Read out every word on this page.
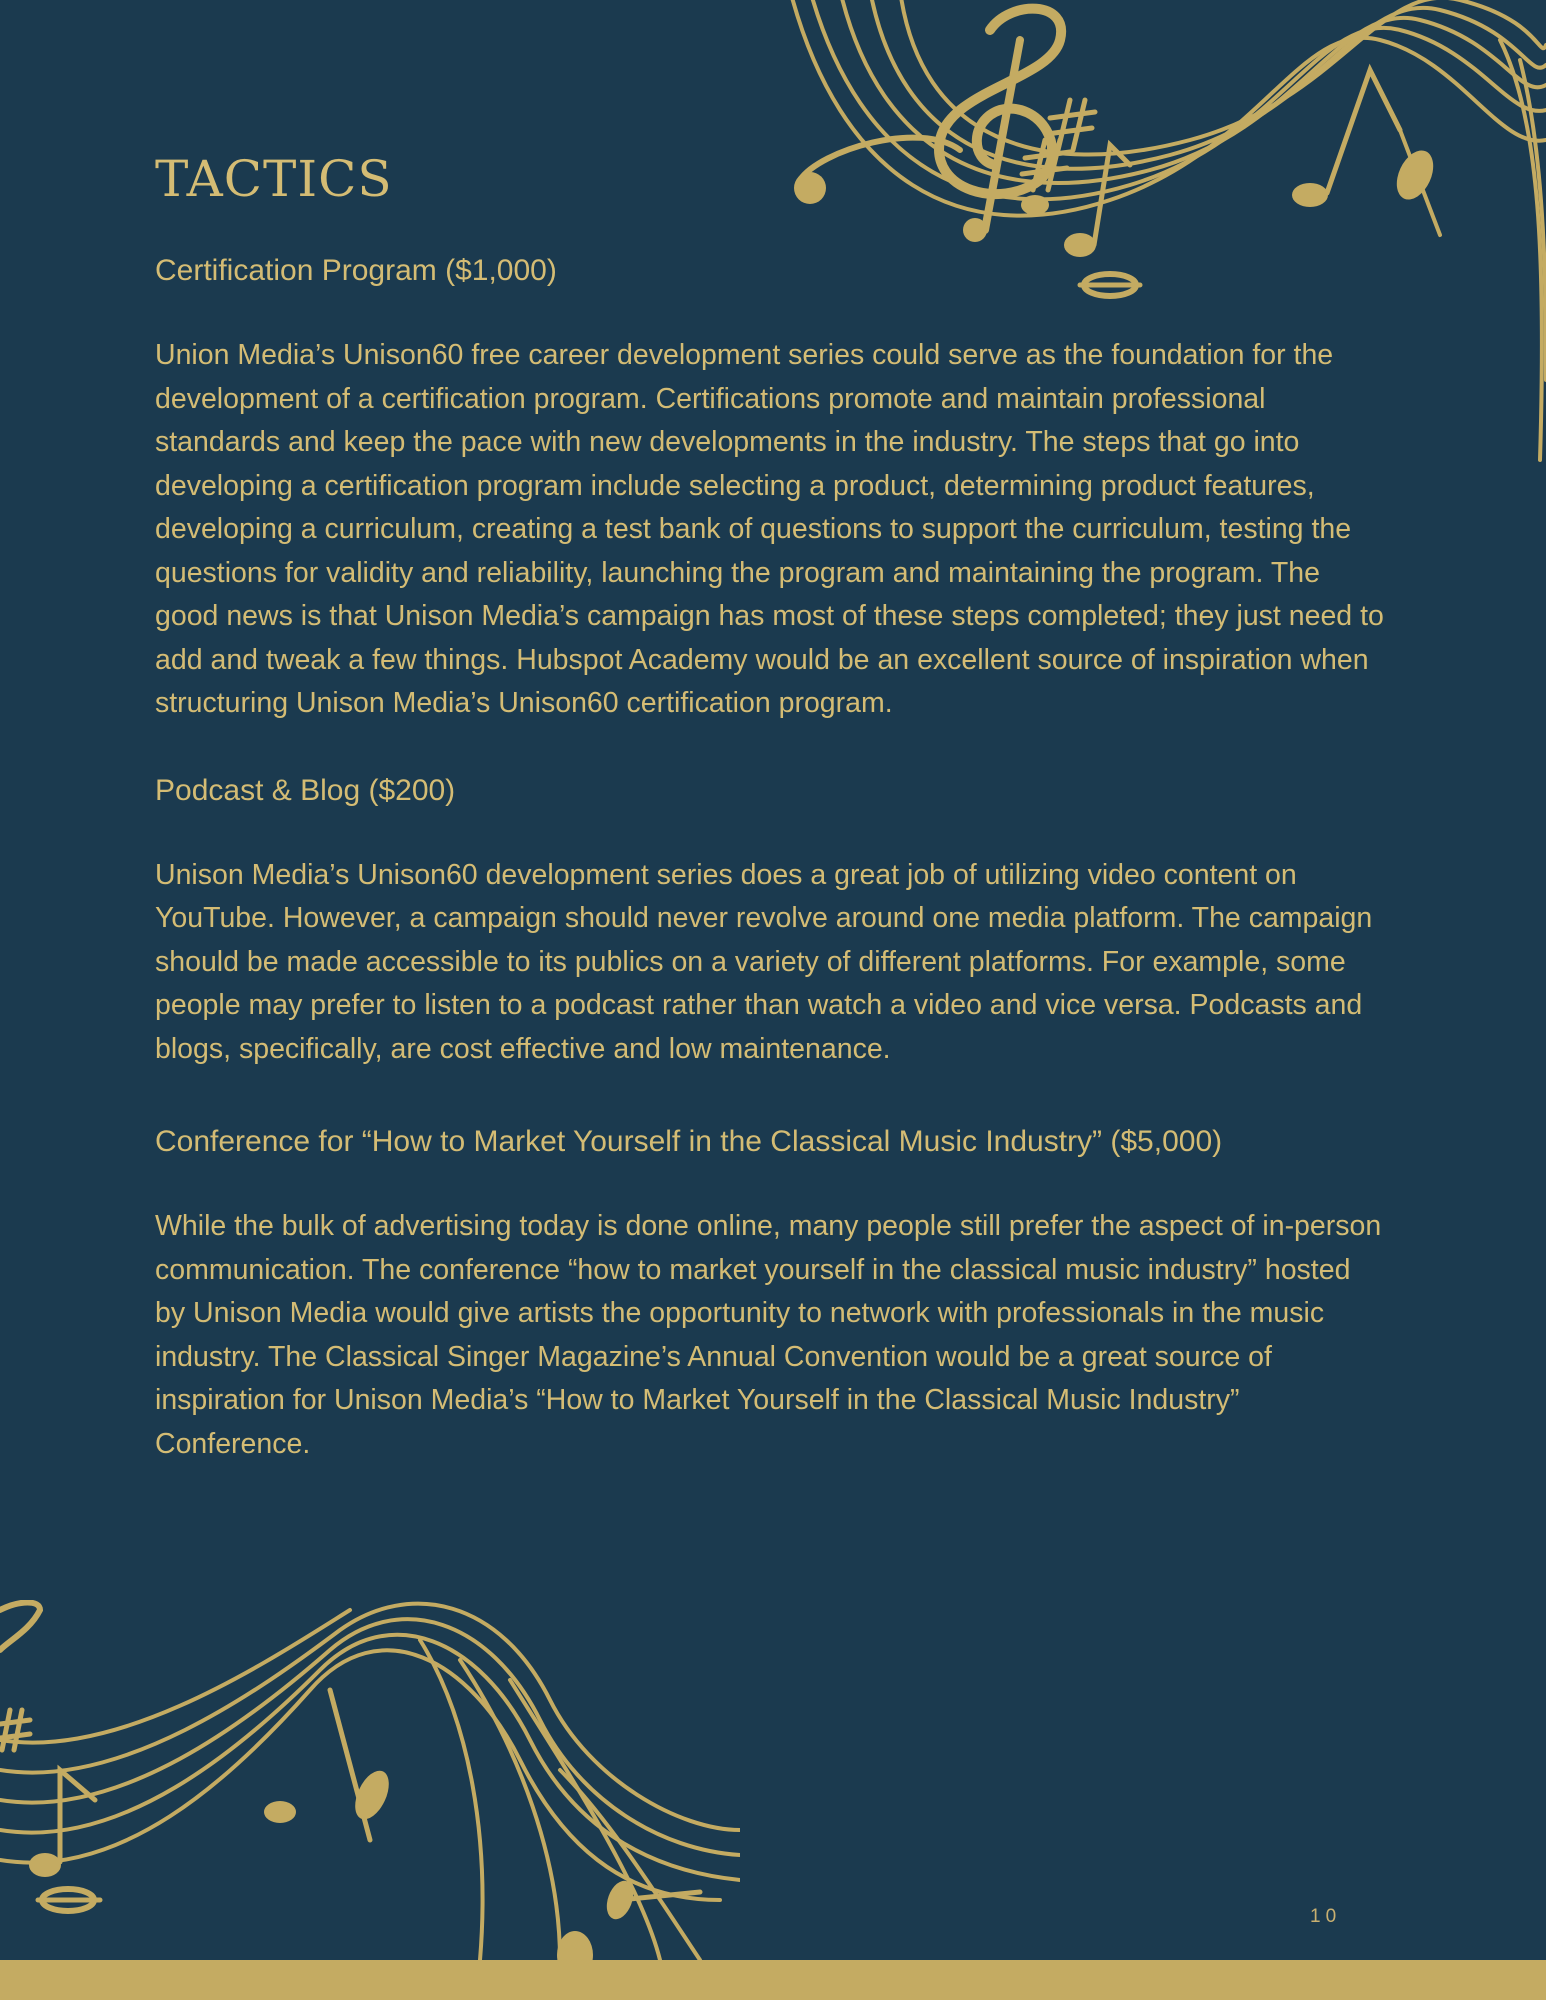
TACTICS

Certification Program ($1,000)

Union Media’s Unison60 free career development series could serve as the foundation for the development of a certification program. Certifications promote and maintain professional standards and keep the pace with new developments in the industry. The steps that go into developing a certification program include selecting a product, determining product features, developing a curriculum, creating a test bank of questions to support the curriculum, testing the questions for validity and reliability, launching the program and maintaining the program. The good news is that Unison Media’s campaign has most of these steps completed; they just need to add and tweak a few things. Hubspot Academy would be an excellent source of inspiration when structuring Unison Media’s Unison60 certification program.

Podcast & Blog ($200)

Unison Media’s Unison60 development series does a great job of utilizing video content on YouTube. However, a campaign should never revolve around one media platform. The campaign should be made accessible to its publics on a variety of different platforms. For example, some people may prefer to listen to a podcast rather than watch a video and vice versa. Podcasts and blogs, specifically, are cost effective and low maintenance.

Conference for “How to Market Yourself in the Classical Music Industry” ($5,000)

While the bulk of advertising today is done online, many people still prefer the aspect of in-person communication. The conference “how to market yourself in the classical music industry” hosted by Unison Media would give artists the opportunity to network with professionals in the music industry. The Classical Singer Magazine’s Annual Convention would be a great source of inspiration for Unison Media’s “How to Market Yourself in the Classical Music Industry” Conference.

10
